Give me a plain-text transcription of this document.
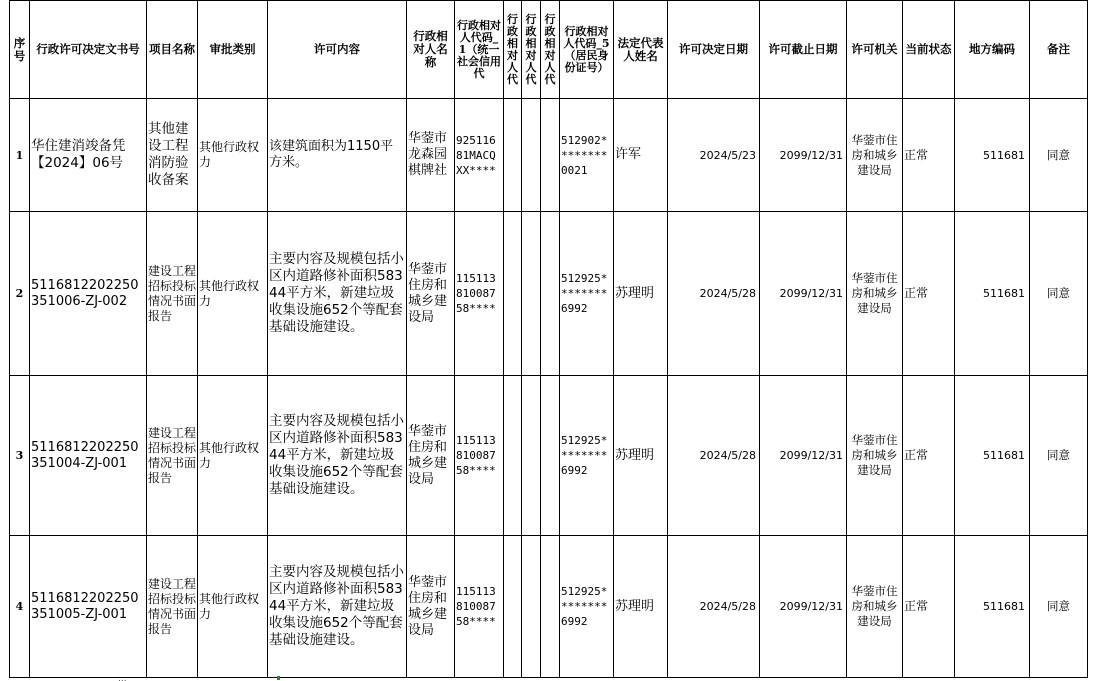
序号	行政许可决定文书号	项目名称	审批类别	许可内容	行政相对人名称	行政相对人代码_1（统一社会信用代	行政相对人代	行政相对人代	行政相对人代	行政相对人代码_5（居民身份证号）	法定代表人姓名	许可决定日期	许可截止日期	许可机关	当前状态	地方编码	备注
1	华住建消竣备凭【2024】06号	其他建设工程消防验收备案	其他行政权力	该建筑面积为1150平方米。	华蓥市龙森园棋牌社	92511681MACQXX****				512902********0021	许军	2024/5/23	2099/12/31	华蓥市住房和城乡建设局	正常	511681	同意
2	5116812202250351006-ZJ-002	建设工程招标投标情况书面报告	其他行政权力	主要内容及规模包括小区内道路修补面积58344平方米，新建垃圾收集设施652个等配套基础设施建设。	华蓥市住房和城乡建设局	115113810087 58****				512925********6992	苏理明	2024/5/28	2099/12/31	华蓥市住房和城乡建设局	正常	511681	同意
3	5116812202250351004-ZJ-001	建设工程招标投标情况书面报告	其他行政权力	主要内容及规模包括小区内道路修补面积58344平方米，新建垃圾收集设施652个等配套基础设施建设。	华蓥市住房和城乡建设局	115113810087 58****				512925********6992	苏理明	2024/5/28	2099/12/31	华蓥市住房和城乡建设局	正常	511681	同意
4	5116812202250351005-ZJ-001	建设工程招标投标情况书面报告	其他行政权力	主要内容及规模包括小区内道路修补面积58344平方米，新建垃圾收集设施652个等配套基础设施建设。	华蓥市住房和城乡建设局	115113810087 58****				512925********6992	苏理明	2024/5/28	2099/12/31	华蓥市住房和城乡建设局	正常	511681	同意
...
